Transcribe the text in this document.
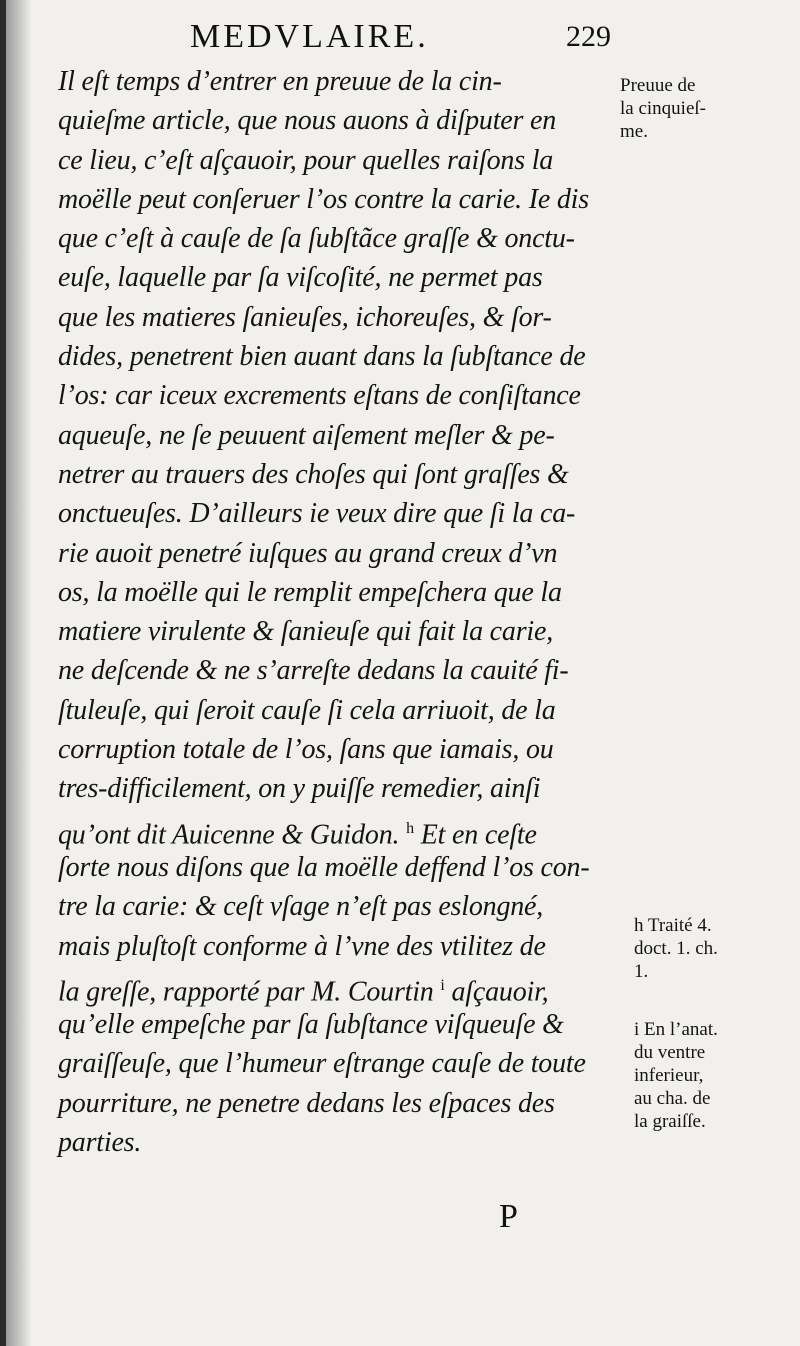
MEDVLAIRE.	229
Il eſt temps d’entrer en preuue de la cin-
quieſme article, que nous auons à diſputer en
ce lieu, c’eſt aſçauoir, pour quelles raiſons la
moëlle peut conſeruer l’os contre la carie. Ie dis
que c’eſt à cauſe de ſa ſubſtãce graſſe & onctu-
euſe, laquelle par ſa viſcoſité, ne permet pas
que les matieres ſanieuſes, ichoreuſes, & ſor-
dides, penetrent bien auant dans la ſubſtance de
l’os: car iceux excrements eſtans de conſiſtance
aqueuſe, ne ſe peuuent aiſement meſler & pe-
netrer au trauers des choſes qui ſont graſſes &
onctueuſes. D’ailleurs ie veux dire que ſi la ca-
rie auoit penetré iuſques au grand creux d’vn
os, la moëlle qui le remplit empeſchera que la
matiere virulente & ſanieuſe qui fait la carie,
ne deſcende & ne s’arreſte dedans la cauité fi-
ſtuleuſe, qui ſeroit cauſe ſi cela arriuoit, de la
corruption totale de l’os, ſans que iamais, ou
tres-difficilement, on y puiſſe remedier, ainſi
qu’ont dit Auicenne & Guidon. $^h$ Et en ceſte
ſorte nous diſons que la moëlle deffend l’os con-
tre la carie: & ceſt vſage n’eſt pas eslongné,
mais pluſtoſt conforme à l’vne des vtilitez de
la greſſe, rapporté par M. Courtin $^i$ aſçauoir,
qu’elle empeſche par ſa ſubſtance viſqueuſe &
graiſſeuſe, que l’humeur eſtrange cauſe de toute
pourriture, ne penetre dedans les eſpaces des
parties.
Preuue de
la cinquieſ-
me.
h Traité 4.
doct. 1. ch.
1.
i En l’anat.
du ventre
inferieur,
au cha. de
la graiſſe.
P
